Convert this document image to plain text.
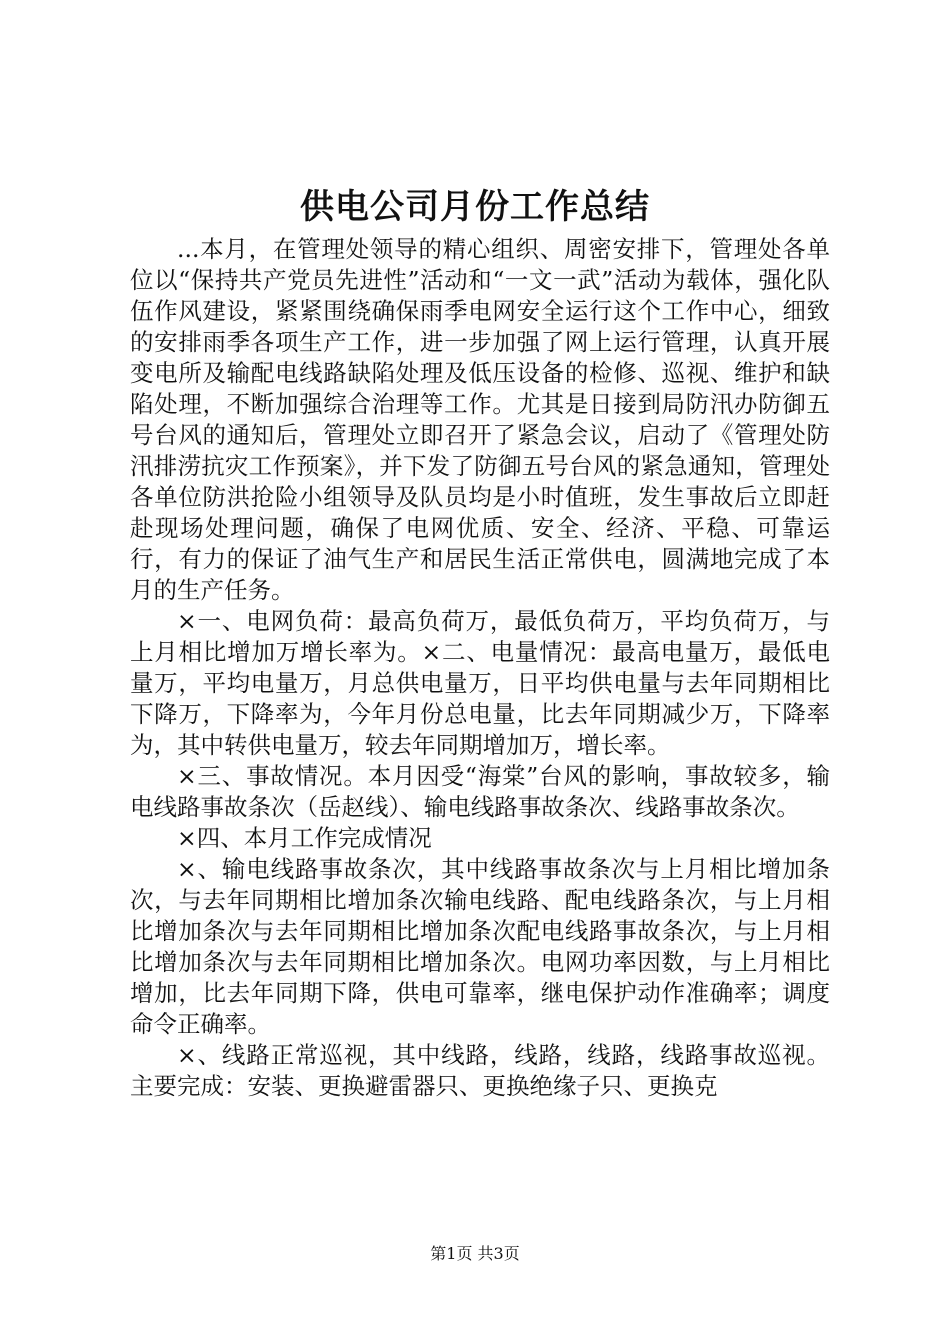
供电公司月份工作总结

...本月，在管理处领导的精心组织、周密安排下，管理处各单位以“保持共产党员先进性”活动和“一文一武”活动为载体，强化队伍作风建设，紧紧围绕确保雨季电网安全运行这个工作中心，细致的安排雨季各项生产工作，进一步加强了网上运行管理，认真开展变电所及输配电线路缺陷处理及低压设备的检修、巡视、维护和缺陷处理，不断加强综合治理等工作。尤其是日接到局防汛办防御五号台风的通知后，管理处立即召开了紧急会议，启动了《管理处防汛排涝抗灾工作预案》，并下发了防御五号台风的紧急通知，管理处各单位防洪抢险小组领导及队员均是小时值班，发生事故后立即赶赴现场处理问题，确保了电网优质、安全、经济、平稳、可靠运行，有力的保证了油气生产和居民生活正常供电，圆满地完成了本月的生产任务。

×一、电网负荷：最高负荷万，最低负荷万，平均负荷万，与上月相比增加万增长率为。×二、电量情况：最高电量万，最低电量万，平均电量万，月总供电量万，日平均供电量与去年同期相比下降万，下降率为，今年月份总电量，比去年同期减少万，下降率为，其中转供电量万，较去年同期增加万，增长率。

×三、事故情况。本月因受“海棠”台风的影响，事故较多，输电线路事故条次（岳赵线）、输电线路事故条次、线路事故条次。

×四、本月工作完成情况

×、输电线路事故条次，其中线路事故条次与上月相比增加条次，与去年同期相比增加条次输电线路、配电线路条次，与上月相比增加条次与去年同期相比增加条次配电线路事故条次，与上月相比增加条次与去年同期相比增加条次。电网功率因数，与上月相比增加，比去年同期下降，供电可靠率，继电保护动作准确率；调度命令正确率。

×、线路正常巡视，其中线路，线路，线路，线路事故巡视。主要完成：安装、更换避雷器只、更换绝缘子只、更换克

第1页 共3页
